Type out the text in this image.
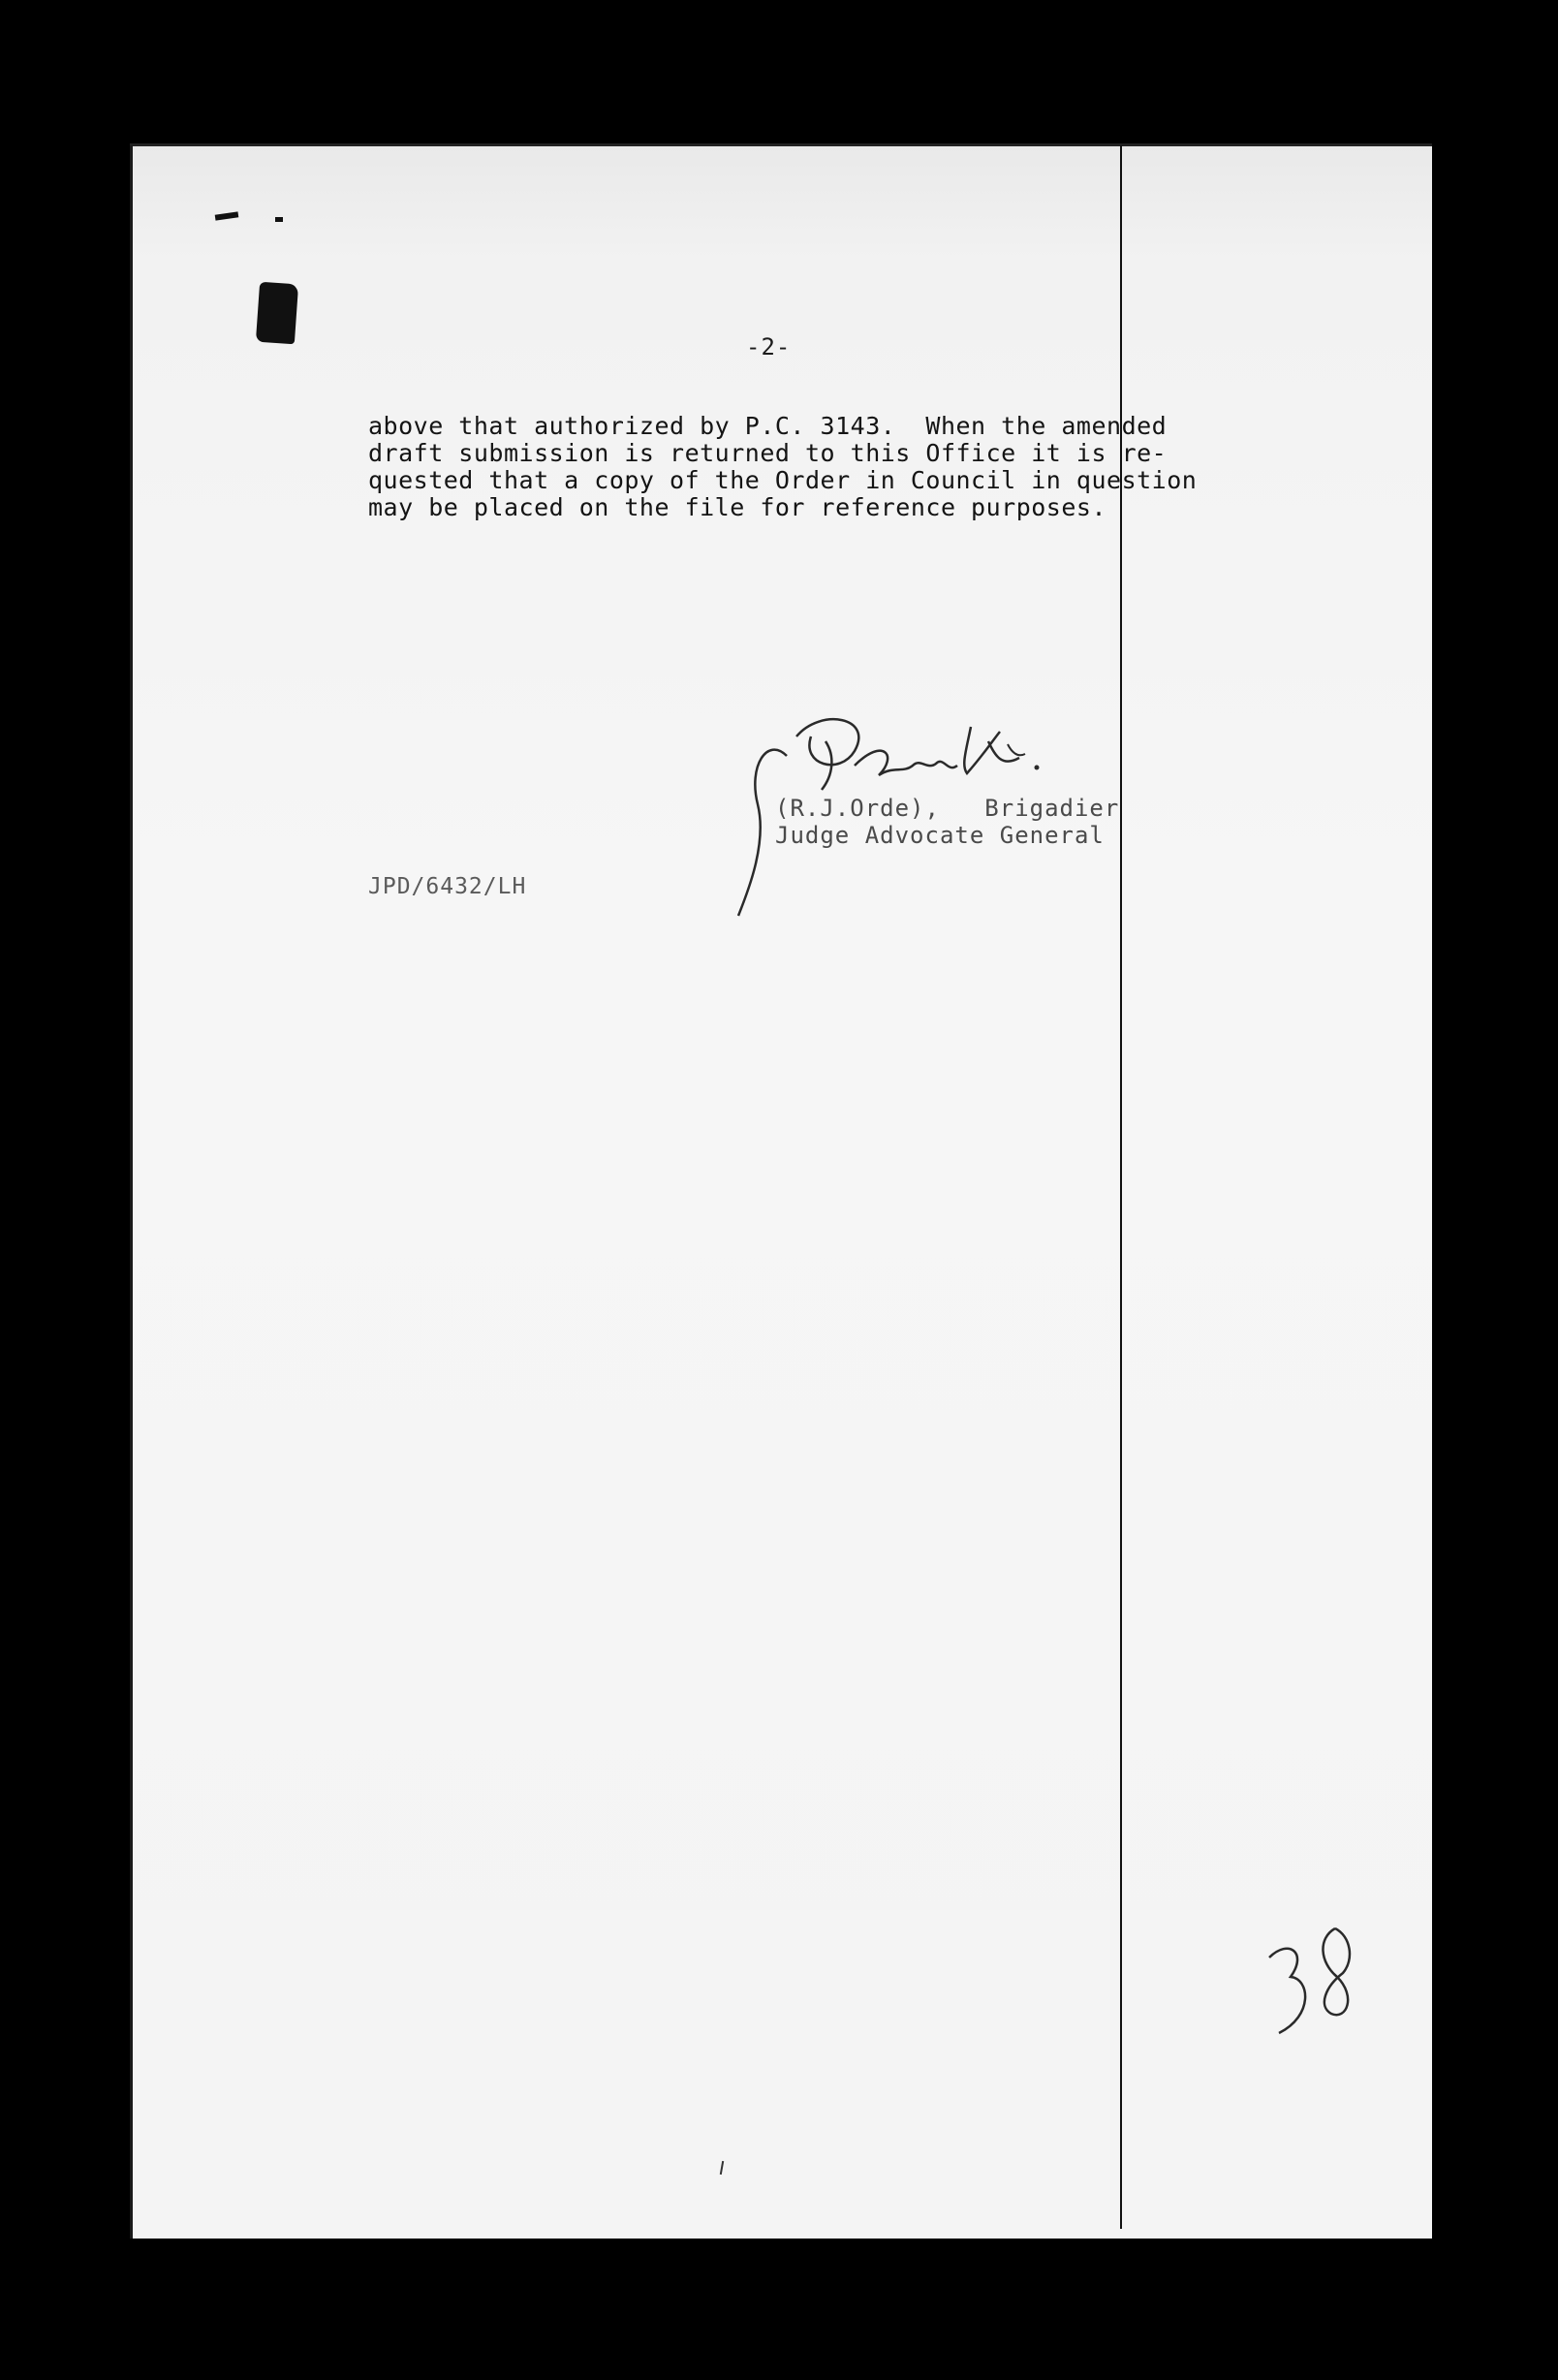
-2-
above that authorized by P.C. 3143.  When the amended
draft submission is returned to this Office it is re-
quested that a copy of the Order in Council in question
may be placed on the file for reference purposes.
(R.J.Orde),   Brigadier
Judge Advocate General
JPD/6432/LH
38
